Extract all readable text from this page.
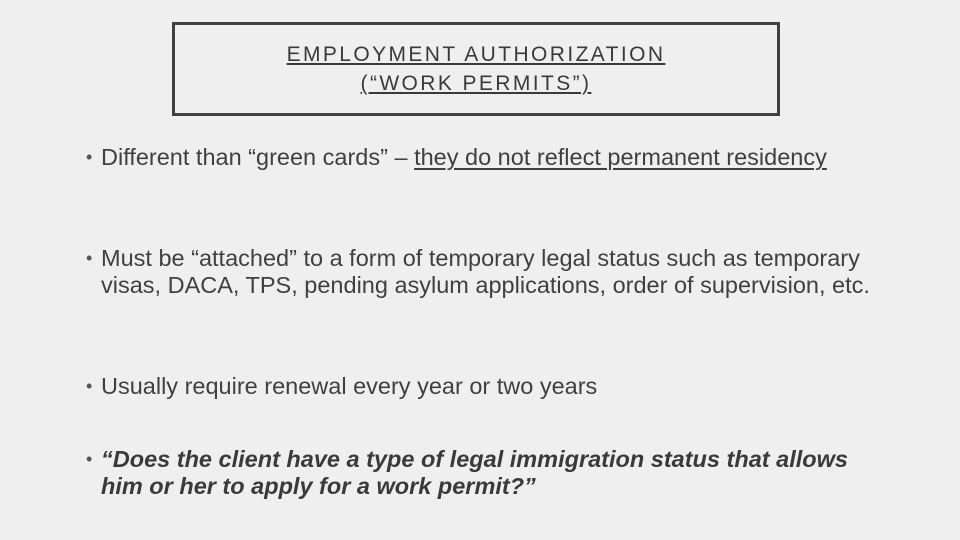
EMPLOYMENT AUTHORIZATION
(“WORK PERMITS”)
• Different than “green cards” – they do not reflect permanent residency
• Must be “attached” to a form of temporary legal status such as temporary visas, DACA, TPS, pending asylum applications, order of supervision, etc.
• Usually require renewal every year or two years
• “Does the client have a type of legal immigration status that allows him or her to apply for a work permit?”
